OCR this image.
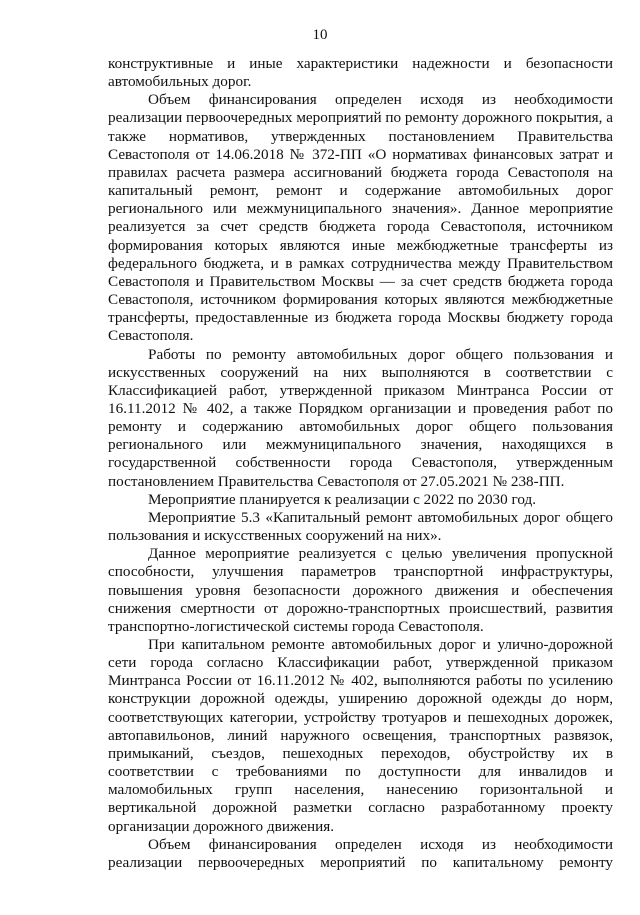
10

конструктивные и иные характеристики надежности и безопасности автомобильных дорог.

Объем финансирования определен исходя из необходимости реализации первоочередных мероприятий по ремонту дорожного покрытия, а также нормативов, утвержденных постановлением Правительства Севастополя от 14.06.2018 № 372-ПП «О нормативах финансовых затрат и правилах расчета размера ассигнований бюджета города Севастополя на капитальный ремонт, ремонт и содержание автомобильных дорог регионального или межмуниципального значения». Данное мероприятие реализуется за счет средств бюджета города Севастополя, источником формирования которых являются иные межбюджетные трансферты из федерального бюджета, и в рамках сотрудничества между Правительством Севастополя и Правительством Москвы — за счет средств бюджета города Севастополя, источником формирования которых являются межбюджетные трансферты, предоставленные из бюджета города Москвы бюджету города Севастополя.

Работы по ремонту автомобильных дорог общего пользования и искусственных сооружений на них выполняются в соответствии с Классификацией работ, утвержденной приказом Минтранса России от 16.11.2012 № 402, а также Порядком организации и проведения работ по ремонту и содержанию автомобильных дорог общего пользования регионального или межмуниципального значения, находящихся в государственной собственности города Севастополя, утвержденным постановлением Правительства Севастополя от 27.05.2021 № 238-ПП.

Мероприятие планируется к реализации с 2022 по 2030 год.

Мероприятие 5.3 «Капитальный ремонт автомобильных дорог общего пользования и искусственных сооружений на них».

Данное мероприятие реализуется с целью увеличения пропускной способности, улучшения параметров транспортной инфраструктуры, повышения уровня безопасности дорожного движения и обеспечения снижения смертности от дорожно-транспортных происшествий, развития транспортно-логистической системы города Севастополя.

При капитальном ремонте автомобильных дорог и улично-дорожной сети города согласно Классификации работ, утвержденной приказом Минтранса России от 16.11.2012 № 402, выполняются работы по усилению конструкции дорожной одежды, уширению дорожной одежды до норм, соответствующих категории, устройству тротуаров и пешеходных дорожек, автопавильонов, линий наружного освещения, транспортных развязок, примыканий, съездов, пешеходных переходов, обустройству их в соответствии с требованиями по доступности для инвалидов и маломобильных групп населения, нанесению горизонтальной и вертикальной дорожной разметки согласно разработанному проекту организации дорожного движения.

Объем финансирования определен исходя из необходимости реализации первоочередных мероприятий по капитальному ремонту
